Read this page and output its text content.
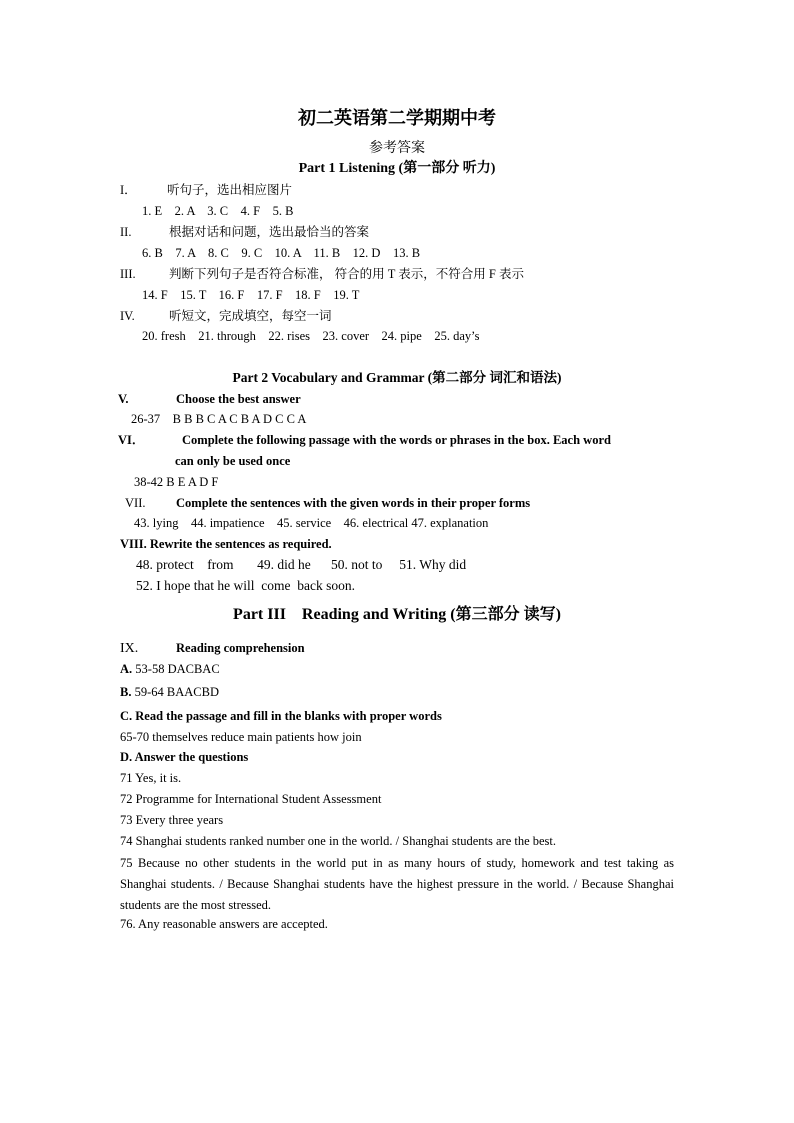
初二英语第二学期期中考
参考答案
Part 1 Listening (第一部分 听力)
I． 听句子，选出相应图片
1. E    2. A    3. C    4. F    5. B
II.	根据对话和问题，选出最恰当的答案
6. B    7. A    8. C    9. C    10. A    11. B    12. D    13. B
III.	判断下列句子是否符合标准， 符合的用 T 表示，不符合用 F 表示
14. F    15. T    16. F    17. F    18. F    19. T
IV.	听短文，完成填空，每空一词
20. fresh    21. through    22. rises    23. cover    24. pipe    25. day’s
Part 2 Vocabulary and Grammar (第二部分 词汇和语法)
V.	Choose the best answer
26-37    B B B C A C B A D C C A
VI．	Complete the following passage with the words or phrases in the box. Each word
can only be used once
38-42 B E A D F
VII. Complete the sentences with the given words in their proper forms
43. lying    44. impatience    45. service    46. electrical 47. explanation
VIII. Rewrite the sentences as required.
48. protect    from       49. did he      50. not to     51. Why did
52. I hope that he will  come  back soon.
Part III    Reading and Writing (第三部分 读写)
IX.	Reading comprehension
A. 53-58 DACBAC
B. 59-64 BAACBD
C. Read the passage and fill in the blanks with proper words
65-70 themselves reduce main patients how join
D. Answer the questions
71 Yes, it is.
72 Programme for International Student Assessment
73 Every three years
74 Shanghai students ranked number one in the world. / Shanghai students are the best.
75 Because no other students in the world put in as many hours of study, homework and test taking as Shanghai students. / Because Shanghai students have the highest pressure in the world. / Because Shanghai students are the most stressed.
76. Any reasonable answers are accepted.
